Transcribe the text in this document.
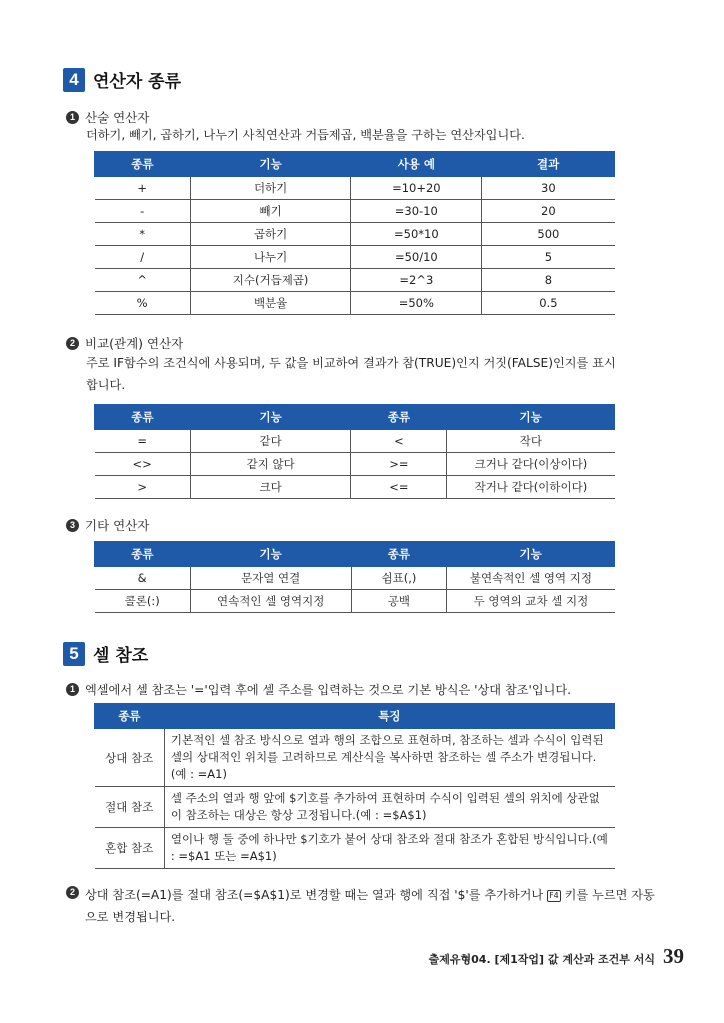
4 연산자 종류
1 산술 연산자

더하기, 빼기, 곱하기, 나누기 사칙연산과 거듭제곱, 백분율을 구하는 연산자입니다.

종류	기능	사용 예	결과
+	더하기	=10+20	30
-	빼기	=30-10	20
*	곱하기	=50*10	500
/	나누기	=50/10	5
^	지수(거듭제곱)	=2^3	8
%	백분율	=50%	0.5
2 비교(관계) 연산자

주로 IF함수의 조건식에 사용되며, 두 값을 비교하여 결과가 참(TRUE)인지 거짓(FALSE)인지를 표시합니다.

종류	기능	종류	기능
=	같다	<	작다
<>	같지 않다	>=	크거나 같다(이상이다)
>	크다	<=	작거나 같다(이하이다)
3 기타 연산자
종류	기능	종류	기능
&	문자열 연결	쉼표(,)	불연속적인 셀 영역 지정
콜론(:)	연속적인 셀 영역지정	공백	두 영역의 교차 셀 지정
5 셀 참조
1 엑셀에서 셀 참조는 '='입력 후에 셀 주소를 입력하는 것으로 기본 방식은 '상대 참조'입니다.
종류	특징
상대 참조	기본적인 셀 참조 방식으로 열과 행의 조합으로 표현하며, 참조하는 셀과 수식이 입력된 셀의 상대적인 위치를 고려하므로 계산식을 복사하면 참조하는 셀 주소가 변경됩니다.(예 : =A1)
절대 참조	셀 주소의 열과 행 앞에 $기호를 추가하여 표현하며 수식이 입력된 셀의 위치에 상관없이 참조하는 대상은 항상 고정됩니다.(예 : =$A$1)
혼합 참조	열이나 행 둘 중에 하나만 $기호가 붙어 상대 참조와 절대 참조가 혼합된 방식입니다.(예 : =$A1 또는 =A$1)
2 상대 참조(=A1)를 절대 참조(=$A$1)로 변경할 때는 열과 행에 직접 '$'를 추가하거나 F4 키를 누르면 자동으로 변경됩니다.
출제유형04. [제1작업] 값 계산과 조건부 서식 39
